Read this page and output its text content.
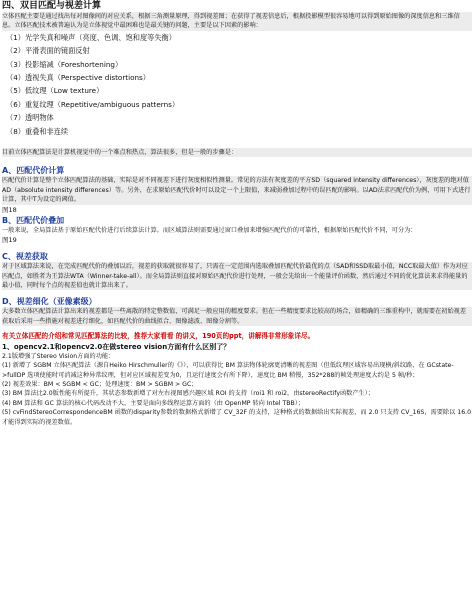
四、双目匹配与视差计算
立体匹配主要是通过找出每对图像间的对应关系，根据三角测量原理，得到视差图；在获得了视差信息后，根据投影模型很容易地可以得到原始图像的深度信息和三维信息。立体匹配技术被普遍认为是立体视觉中最困难也是最关键的问题，主要是以下因素的影响：
（1）光学失真和噪声（亮度、色调、饱和度等失衡）
（2）平滑表面的镜面反射
（3）投影缩减（Foreshortening）
（4）透视失真（Perspective distortions）
（5）低纹理（Low texture）
（6）重复纹理（Repetitive/ambiguous patterns）
（7）透明物体
（8）重叠和非连续
目前立体匹配算法是计算机视觉中的一个难点和热点，算法很多，但是一般的步骤是：
A、匹配代价计算
匹配代价计算是整个立体匹配算法的基础，实际是对不同视差下进行灰度相似性测量。常见的方法有灰度差的平方SD（squared intensity differences），灰度差的绝对值AD（absolute intensity differences）等。另外，在求原始匹配代价时可以设定一个上限值，来减弱叠加过程中的误匹配的影响。以AD法求匹配代价为例，可用下式进行计算，其中T为设定的阈值。
图18
B、匹配代价叠加
一般来说，全局算法基于原始匹配代价进行后续算法计算。而区域算法则需要通过窗口叠加来增强匹配代价的可靠性，根据原始匹配代价不同，可分为：
图19
C、视差获取
对于区域算法来说，在完成匹配代价的叠加以后，视差的获取就很容易了，只需在一定范围内选取叠加匹配代价最优的点（SAD和SSD取最小值，NCC取最大值）作为对应匹配点，如胜者为王算法WTA（Winner-take-all）。而全局算法则直接对原始匹配代价进行处理，一般会先给出一个能量评价函数，然后通过不同的优化算法来求得能量的最小值，同时每个点的视差值也就计算出来了。
D、视差细化（亚像素级）
大多数立体匹配算法计算出来的视差都是一些离散的特定整数值，可满足一般应用的精度要求。但在一些精度要求比较高的场合，如精确的三维重构中，就需要在初始视差获取后采用一些措施对视差进行细化，如匹配代价的曲线拟合、图像滤波、图像分割等。
有关立体匹配的介绍和常见匹配算法的比较，推荐大家看看 的讲义，190页的ppt，讲解得非常形象详尽。
1、opencv2.1和opencv2.0在做stereo vision方面有什么区别了？
2.1版增强了Stereo Vision方面的功能：
(1) 新增了 SGBM 立体匹配算法（源自Heiko Hirschmuller的《》），可以获得比 BM 算法物体轮廓更清晰的视差图（但低纹理区域容易出现横/斜纹路，在 GCstate->fullDP 选项使能时可消减这种异常纹理，但对应区域视差变为0，且运行速度会有所下降），速度比 BM 稍慢，352*288的帧处理速度大约是 5 帧/秒；
(2) 视差效果：BM < SGBM < GC；处理速度：BM > SGBM > GC；
(3) BM 算法比2.0版性能有所提升，其状态参数新增了对左右视图感兴趣区域 ROI 的支持（roi1 和 roi2，由stereoRectify函数产生）；
(4) BM 算法和 GC 算法的核心代码改动不大，主要是面向多线程运算方面的（由 OpenMP 转向 Intel TBB）；
(5) cvFindStereoCorrespondenceBM 函数的disparity参数的数据格式新增了 CV_32F 的支持，这种格式的数据给出实际视差，而 2.0 只支持 CV_16S，需要除以 16.0 才能得到实际的视差数值。
